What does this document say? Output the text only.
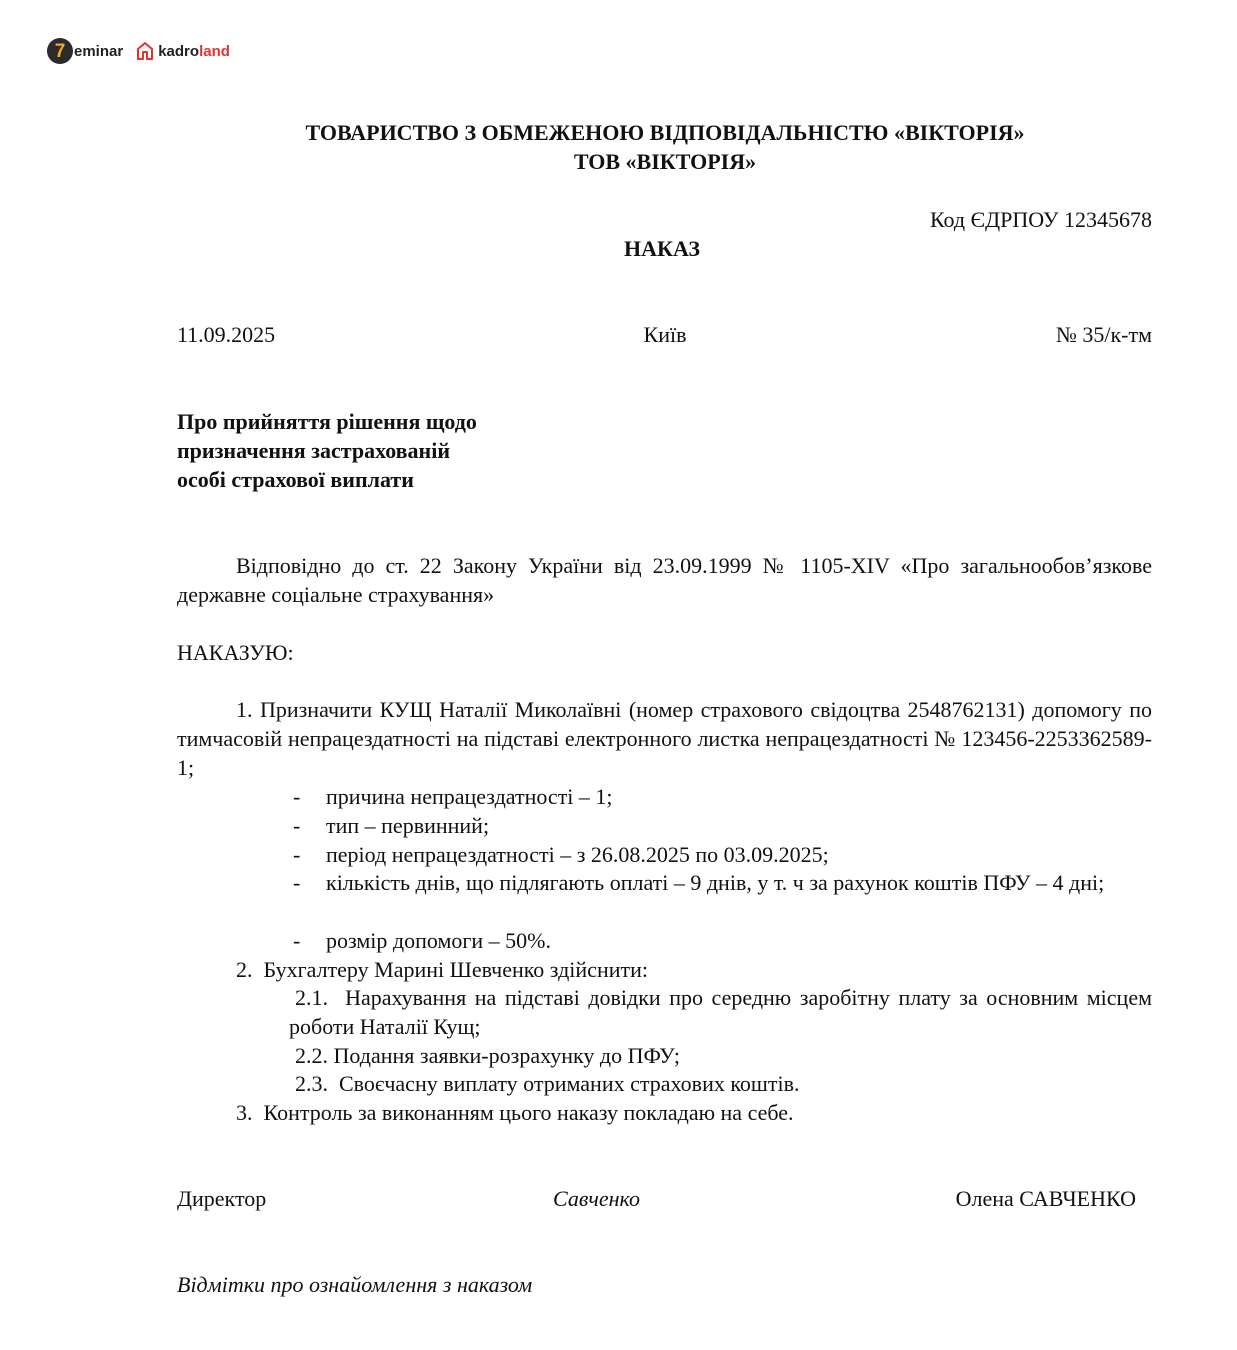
7 eminar kadroland
ТОВАРИСТВО З ОБМЕЖЕНОЮ ВІДПОВІДАЛЬНІСТЮ «ВІКТОРІЯ»
ТОВ «ВІКТОРІЯ»
Код ЄДРПОУ 12345678
НАКАЗ
11.09.2025	Київ	№ 35/к-тм
Про прийняття рішення щодо
призначення застрахованій
особі страхової виплати
Відповідно до ст. 22 Закону України від 23.09.1999 № 1105-XIV «Про загальнообов’язкове державне соціальне страхування»
НАКАЗУЮ:
1. Призначити КУЩ Наталії Миколаївні (номер страхового свідоцтва 2548762131) допомогу по тимчасовій непрацездатності на підставі електронного листка непрацездатності № 123456-2253362589-1;
- причина непрацездатності – 1;
- тип – первинний;
- період непрацездатності – з 26.08.2025 по 03.09.2025;
- кількість днів, що підлягають оплаті – 9 днів, у т. ч за рахунок коштів ПФУ – 4 дні;
- розмір допомоги – 50%.
2. Бухгалтеру Марині Шевченко здійснити:
2.1. Нарахування на підставі довідки про середню заробітну плату за основним місцем роботи Наталії Кущ;
2.2. Подання заявки-розрахунку до ПФУ;
2.3. Своєчасну виплату отриманих страхових коштів.
3. Контроль за виконанням цього наказу покладаю на себе.
Директор	Савченко	Олена САВЧЕНКО
Відмітки про ознайомлення з наказом
